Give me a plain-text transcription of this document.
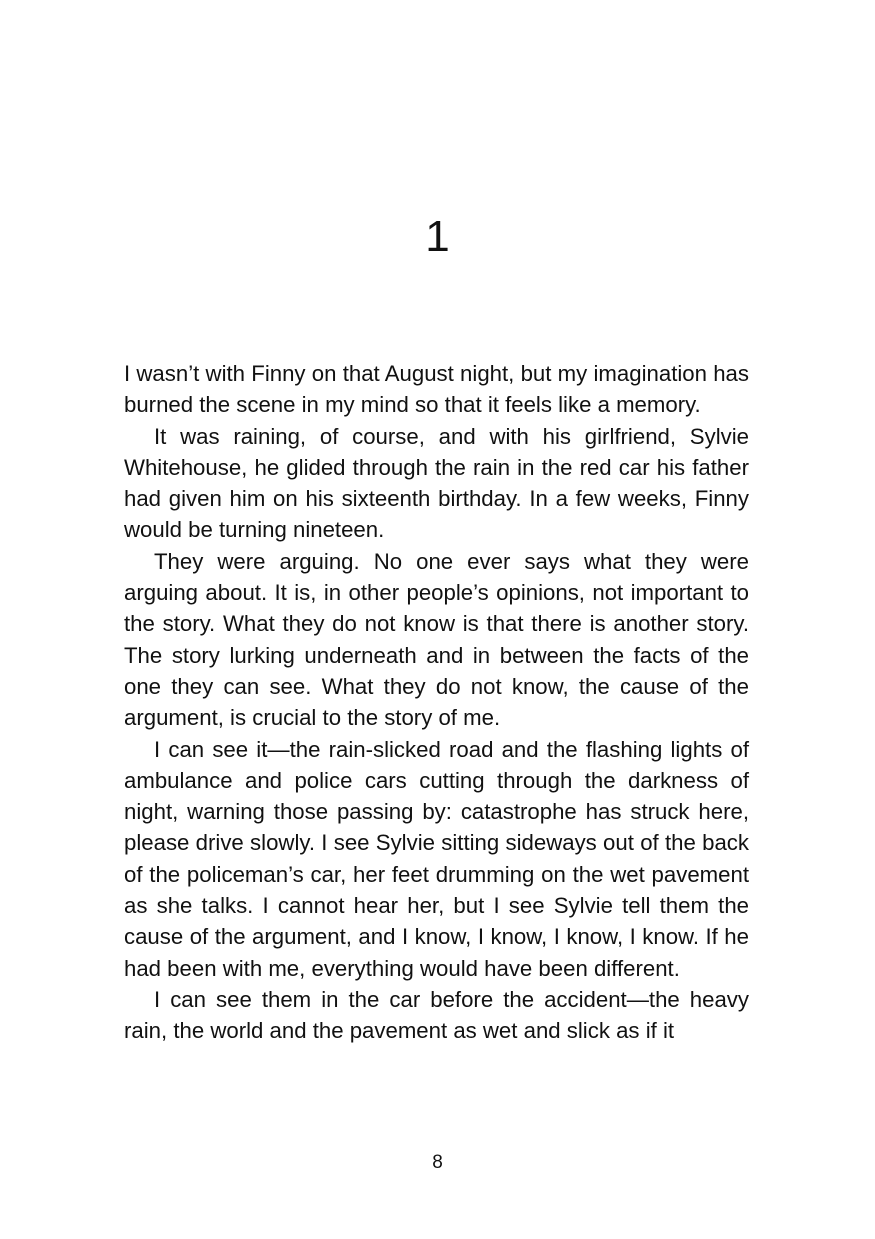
1

I wasn’t with Finny on that August night, but my imagination has burned the scene in my mind so that it feels like a memory.

It was raining, of course, and with his girlfriend, Sylvie Whitehouse, he glided through the rain in the red car his father had given him on his sixteenth birthday. In a few weeks, Finny would be turning nineteen.

They were arguing. No one ever says what they were arguing about. It is, in other people’s opinions, not important to the story. What they do not know is that there is another story. The story lurking underneath and in between the facts of the one they can see. What they do not know, the cause of the argument, is crucial to the story of me.

I can see it—the rain-slicked road and the flashing lights of ambulance and police cars cutting through the darkness of night, warning those passing by: catastrophe has struck here, please drive slowly. I see Sylvie sitting sideways out of the back of the policeman’s car, her feet drumming on the wet pavement as she talks. I cannot hear her, but I see Sylvie tell them the cause of the argument, and I know, I know, I know, I know. If he had been with me, everything would have been different.

I can see them in the car before the accident—the heavy rain, the world and the pavement as wet and slick as if it

8
